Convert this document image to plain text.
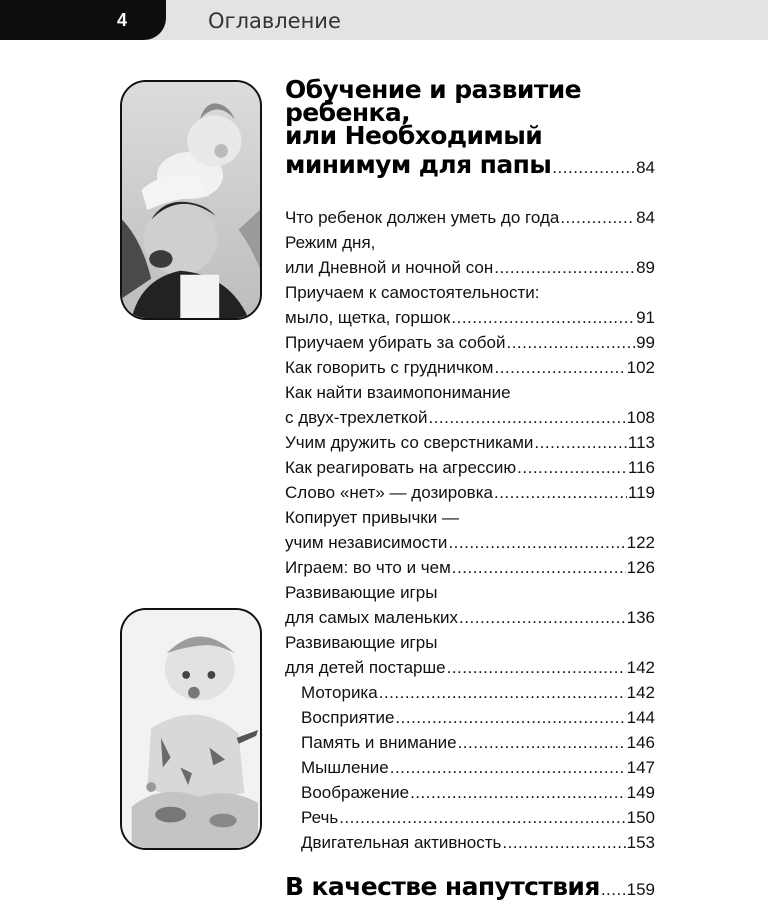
4	Оглавление
Обучение и развитие
ребенка,
или Необходимый
минимум для папы .....	84
Что ребенок должен уметь до года .....	84
Режим дня,
или Дневной и ночной сон .....	89
Приучаем к самостоятельности:
мыло, щетка, горшок .....	91
Приучаем убирать за собой .....	99
Как говорить с грудничком .....	102
Как найти взаимопонимание
с двух-трехлеткой .....	108
Учим дружить со сверстниками .....	113
Как реагировать на агрессию .....	116
Слово «нет» — дозировка .....	119
Копирует привычки —
учим независимости .....	122
Играем: во что и чем .....	126
Развивающие игры
для самых маленьких .....	136
Развивающие игры
для детей постарше .....	142
Моторика .....	142
Восприятие .....	144
Память и внимание .....	146
Мышление .....	147
Воображение .....	149
Речь .....	150
Двигательная активность .....	153
В качестве напутствия ..... 159
